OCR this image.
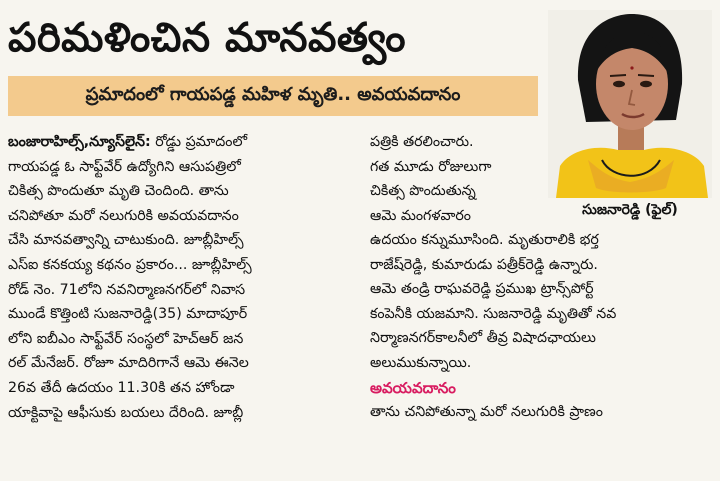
పరిమళించిన మానవత్వం
ప్రమాదంలో గాయపడ్డ మహిళ మృతి.. అవయవదానం
సుజనారెడ్డి (ఫైల్)
బంజారాహిల్స్,న్యూస్‌లైన్: రోడ్డు ప్రమాదంలో
గాయపడ్డ ఓ సాఫ్ట్‌వేర్ ఉద్యోగిని ఆసుపత్రిలో
చికిత్స పొందుతూ మృతి చెందింది. తాను
చనిపోతూ మరో నలుగురికి అవయవదానం
చేసి మానవత్వాన్ని చాటుకుంది. జూబ్లీహిల్స్
ఎస్ఐ కనకయ్య కథనం ప్రకారం... జూబ్లీహిల్స్
రోడ్ నెం. 71లోని నవనిర్మాణనగర్‌లో నివాస
ముండే కొత్తింటి సుజనారెడ్డి(35) మాదాపూర్
లోని ఐబీఎం సాఫ్ట్‌వేర్ సంస్థలో హెచ్ఆర్ జన
రల్ మేనేజర్. రోజూ మాదిరిగానే ఆమె ఈనెల
26వ తేదీ ఉదయం 11.30కి తన హోండా
యాక్టివాపై ఆఫీసుకు బయలు దేరింది. జూబ్లీ
పత్రికి తరలించారు.
గత మూడు రోజులుగా
చికిత్స పొందుతున్న
ఆమె మంగళవారం
ఉదయం కన్నుమూసింది. మృతురాలికి భర్త
రాజేష్‌రెడ్డి, కుమారుడు పత్రీక్‌రెడ్డి ఉన్నారు.
ఆమె తండ్రి రాఘవరెడ్డి ప్రముఖ ట్రాన్స్‌పోర్ట్
కంపెనీకి యజమాని. సుజనారెడ్డి మృతితో నవ
నిర్మాణనగర్‌కాలనీలో తీవ్ర విషాదఛాయలు
అలుముకున్నాయి.
అవయవదానం
తాను చనిపోతున్నా మరో నలుగురికి ప్రాణం
